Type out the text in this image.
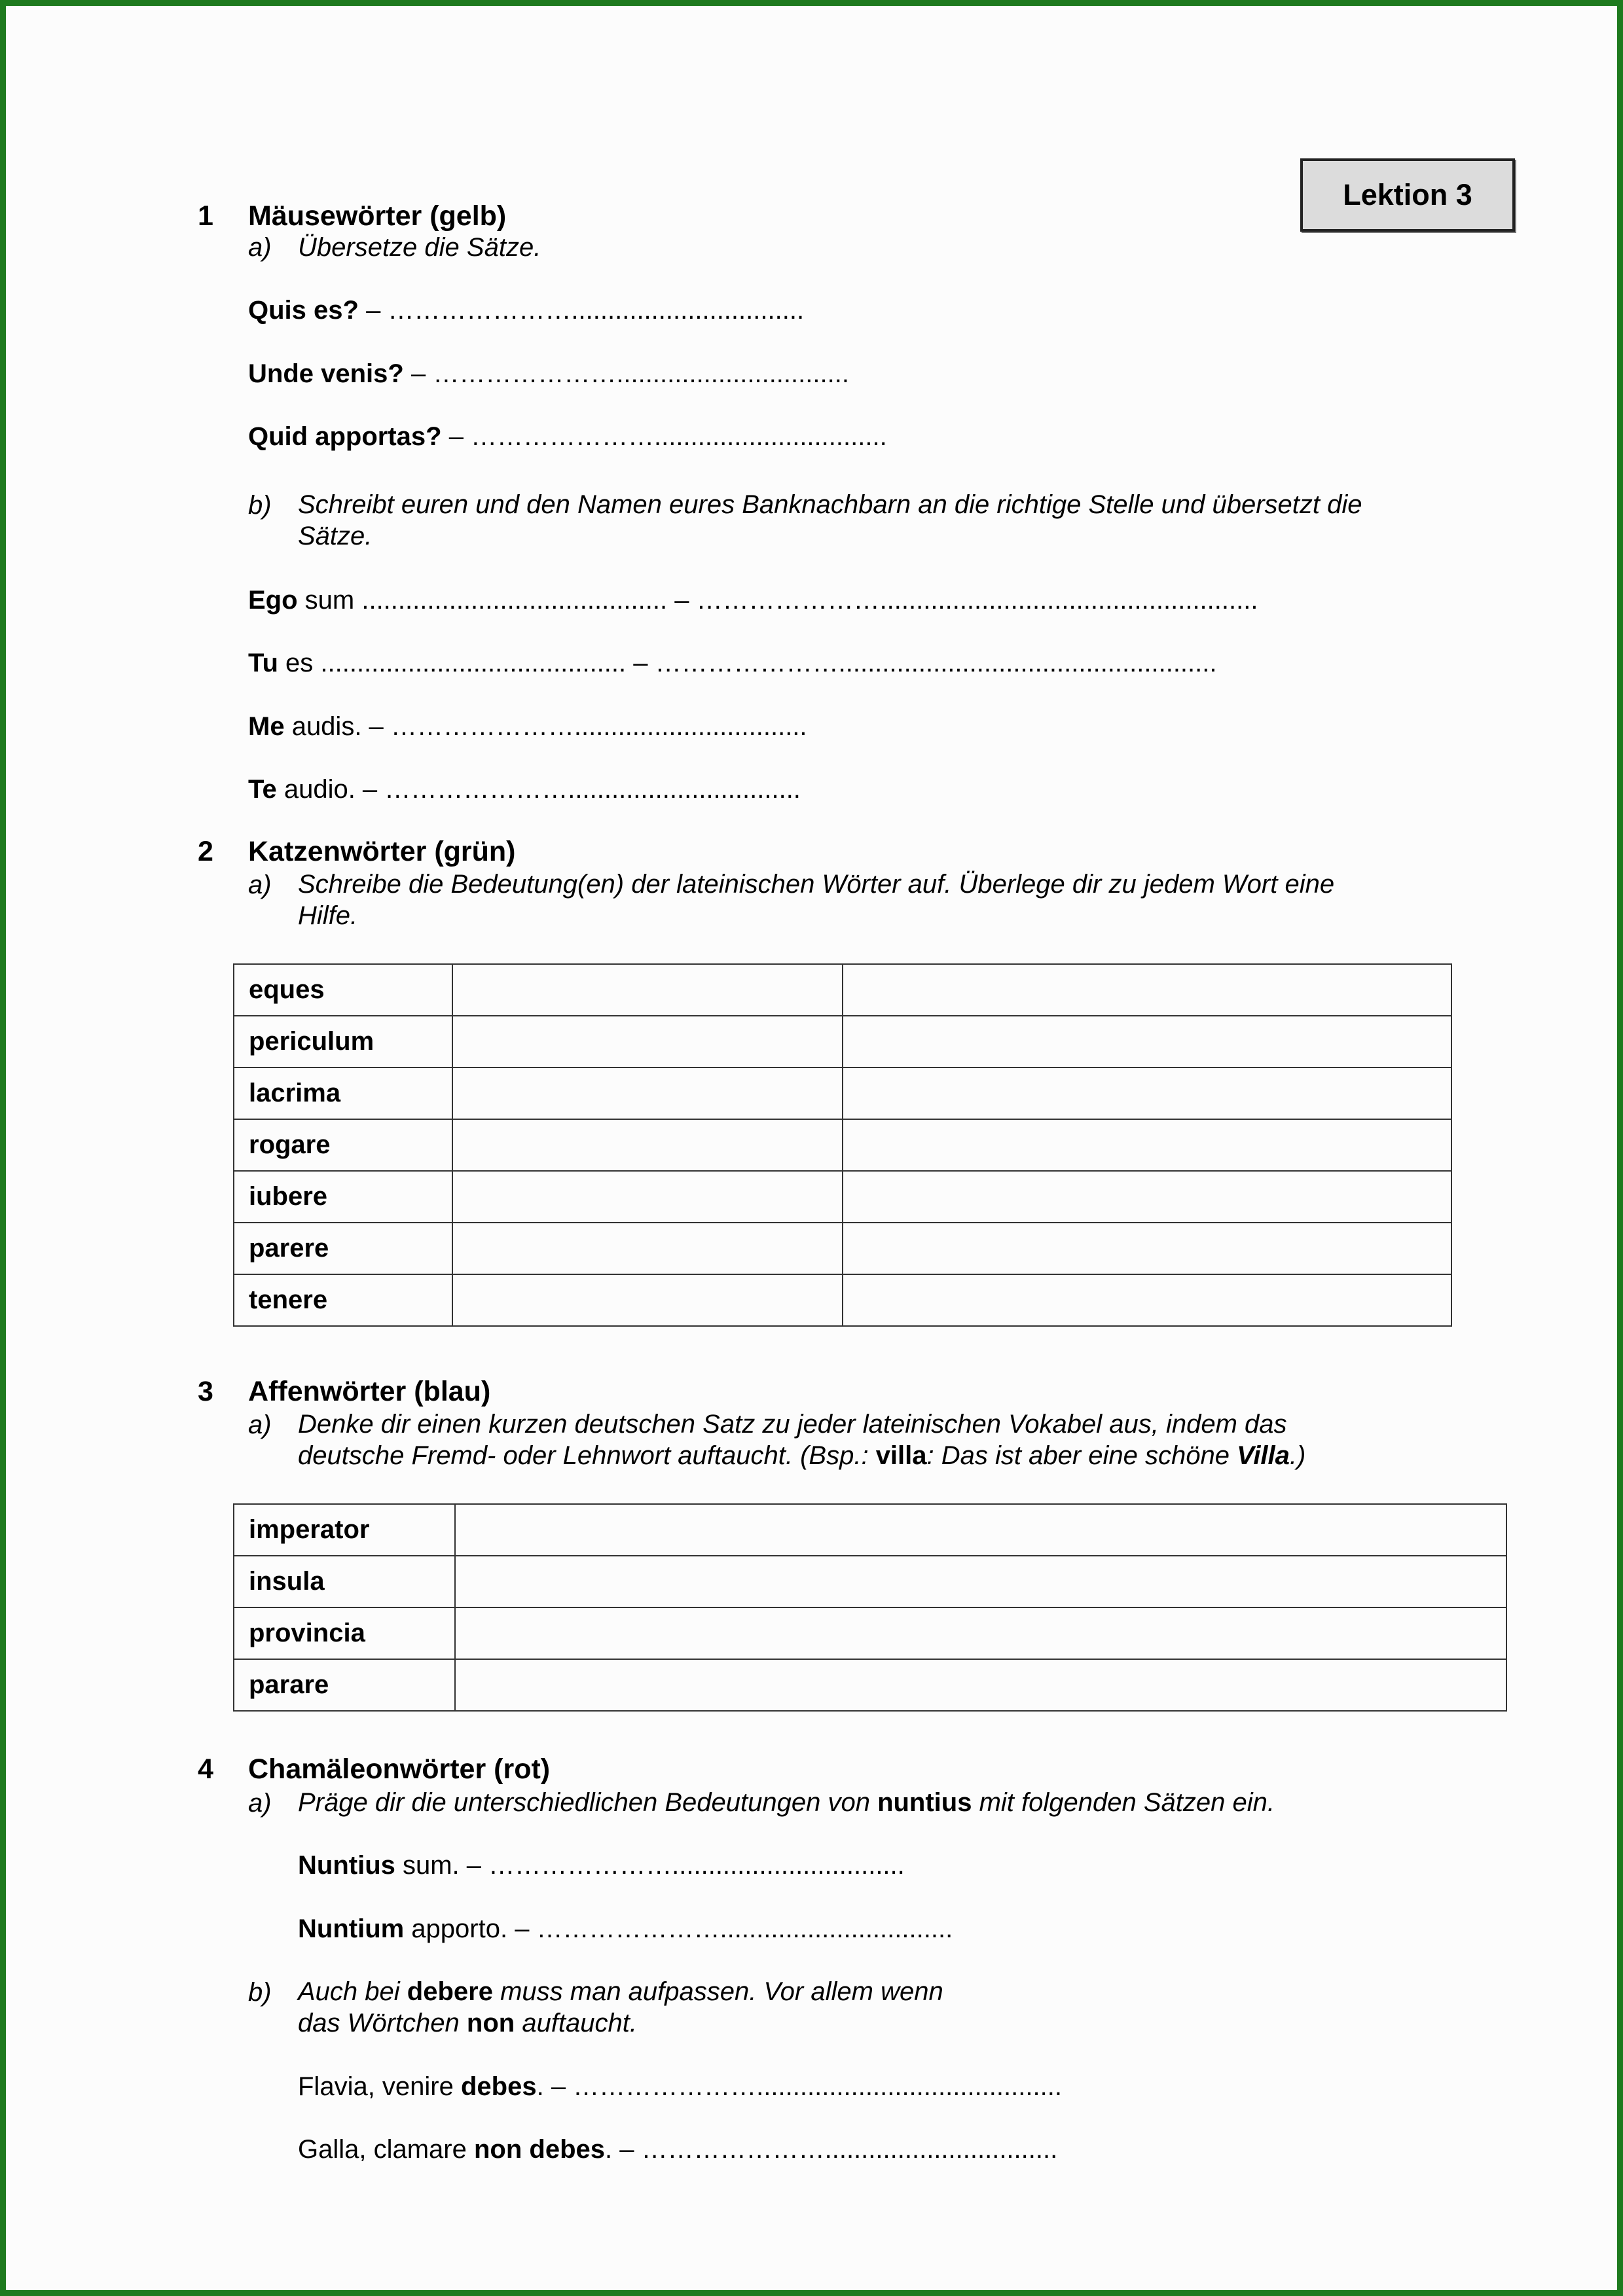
Lektion 3
1 Mäusewörter (gelb)
a) Übersetze die Sätze.
Quis es? – …………………................................
Unde venis? – …………………................................
Quid apportas? – …………………................................
b) Schreibt euren und den Namen eures Banknachbarn an die richtige Stelle und übersetzt die
Sätze.
Ego sum .......................................... – …………………....................................................
Tu es .......................................... – …………………....................................................
Me audis. – …………………................................
Te audio. – …………………................................
2 Katzenwörter (grün)
a) Schreibe die Bedeutung(en) der lateinischen Wörter auf. Überlege dir zu jedem Wort eine
Hilfe.
eques		
periculum		
lacrima		
rogare		
iubere		
parere		
tenere		
3 Affenwörter (blau)
a) Denke dir einen kurzen deutschen Satz zu jeder lateinischen Vokabel aus, indem das
deutsche Fremd- oder Lehnwort auftaucht. (Bsp.: villa: Das ist aber eine schöne Villa.)
imperator	
insula	
provincia	
parare	
4 Chamäleonwörter (rot)
a) Präge dir die unterschiedlichen Bedeutungen von nuntius mit folgenden Sätzen ein.
Nuntius sum. – …………………................................
Nuntium apporto. – …………………................................
b) Auch bei debere muss man aufpassen. Vor allem wenn
das Wörtchen non auftaucht.
Flavia, venire debes. – …………………..........................................
Galla, clamare non debes. – …………………................................
